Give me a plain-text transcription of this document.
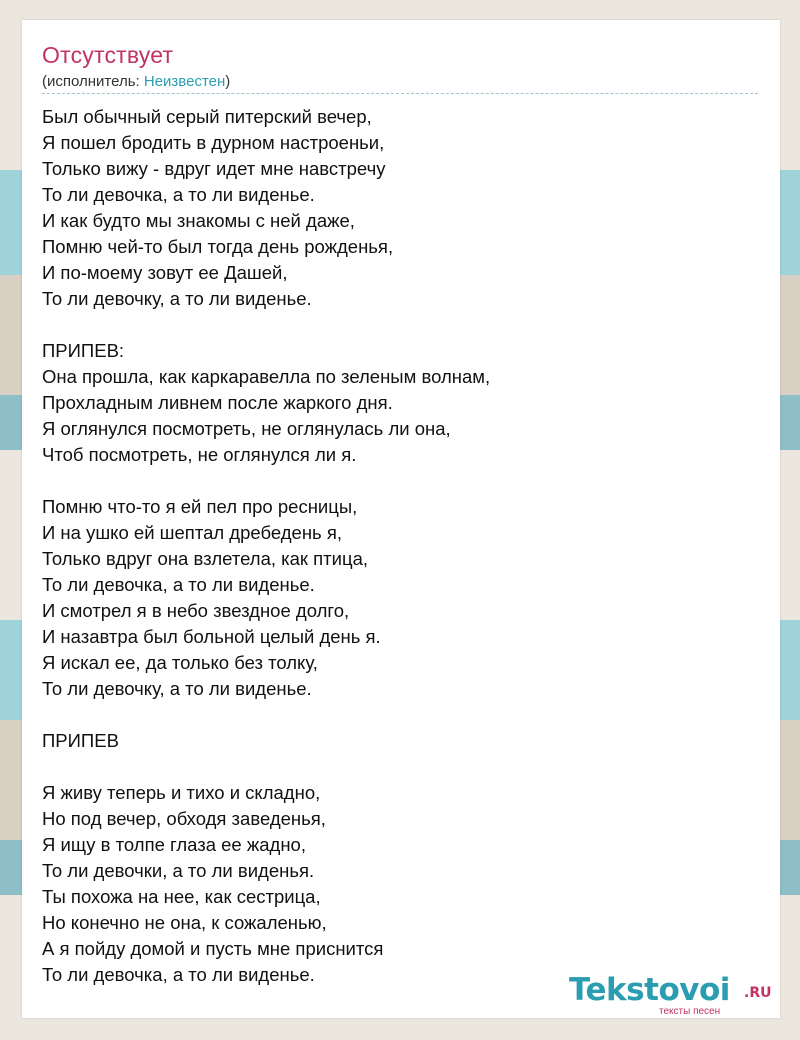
Отсутствует
(исполнитель: Неизвестен)
Был обычный серый питерский вечер,
Я пошел бродить в дурном настроеньи,
Только вижу - вдруг идет мне навстречу
То ли девочка, а то ли виденье.
И как будто мы знакомы с ней даже,
Помню чей-то был тогда день рожденья,
И по-моему зовут ее Дашей,
То ли девочку, а то ли виденье.
ПРИПЕВ:
Она прошла, как каркаравелла по зеленым волнам,
Прохладным ливнем после жаркого дня.
Я оглянулся посмотреть, не оглянулась ли она,
Чтоб посмотреть, не оглянулся ли я.
Помню что-то я ей пел про ресницы,
И на ушко ей шептал дребедень я,
Только вдруг она взлетела, как птица,
То ли девочка, а то ли виденье.
И смотрел я в небо звездное долго,
И назавтра был больной целый день я.
Я искал ее, да только без толку,
То ли девочку, а то ли виденье.
ПРИПЕВ
Я живу теперь и тихо и складно,
Но под вечер, обходя заведенья,
Я ищу в толпе глаза ее жадно,
То ли девочки, а то ли виденья.
Ты похожа на нее, как сестрица,
Но конечно не она, к сожаленью,
А я пойду домой и пусть мне приснится
То ли девочка, а то ли виденье.	Tekstovoi .RU
тексты песен
